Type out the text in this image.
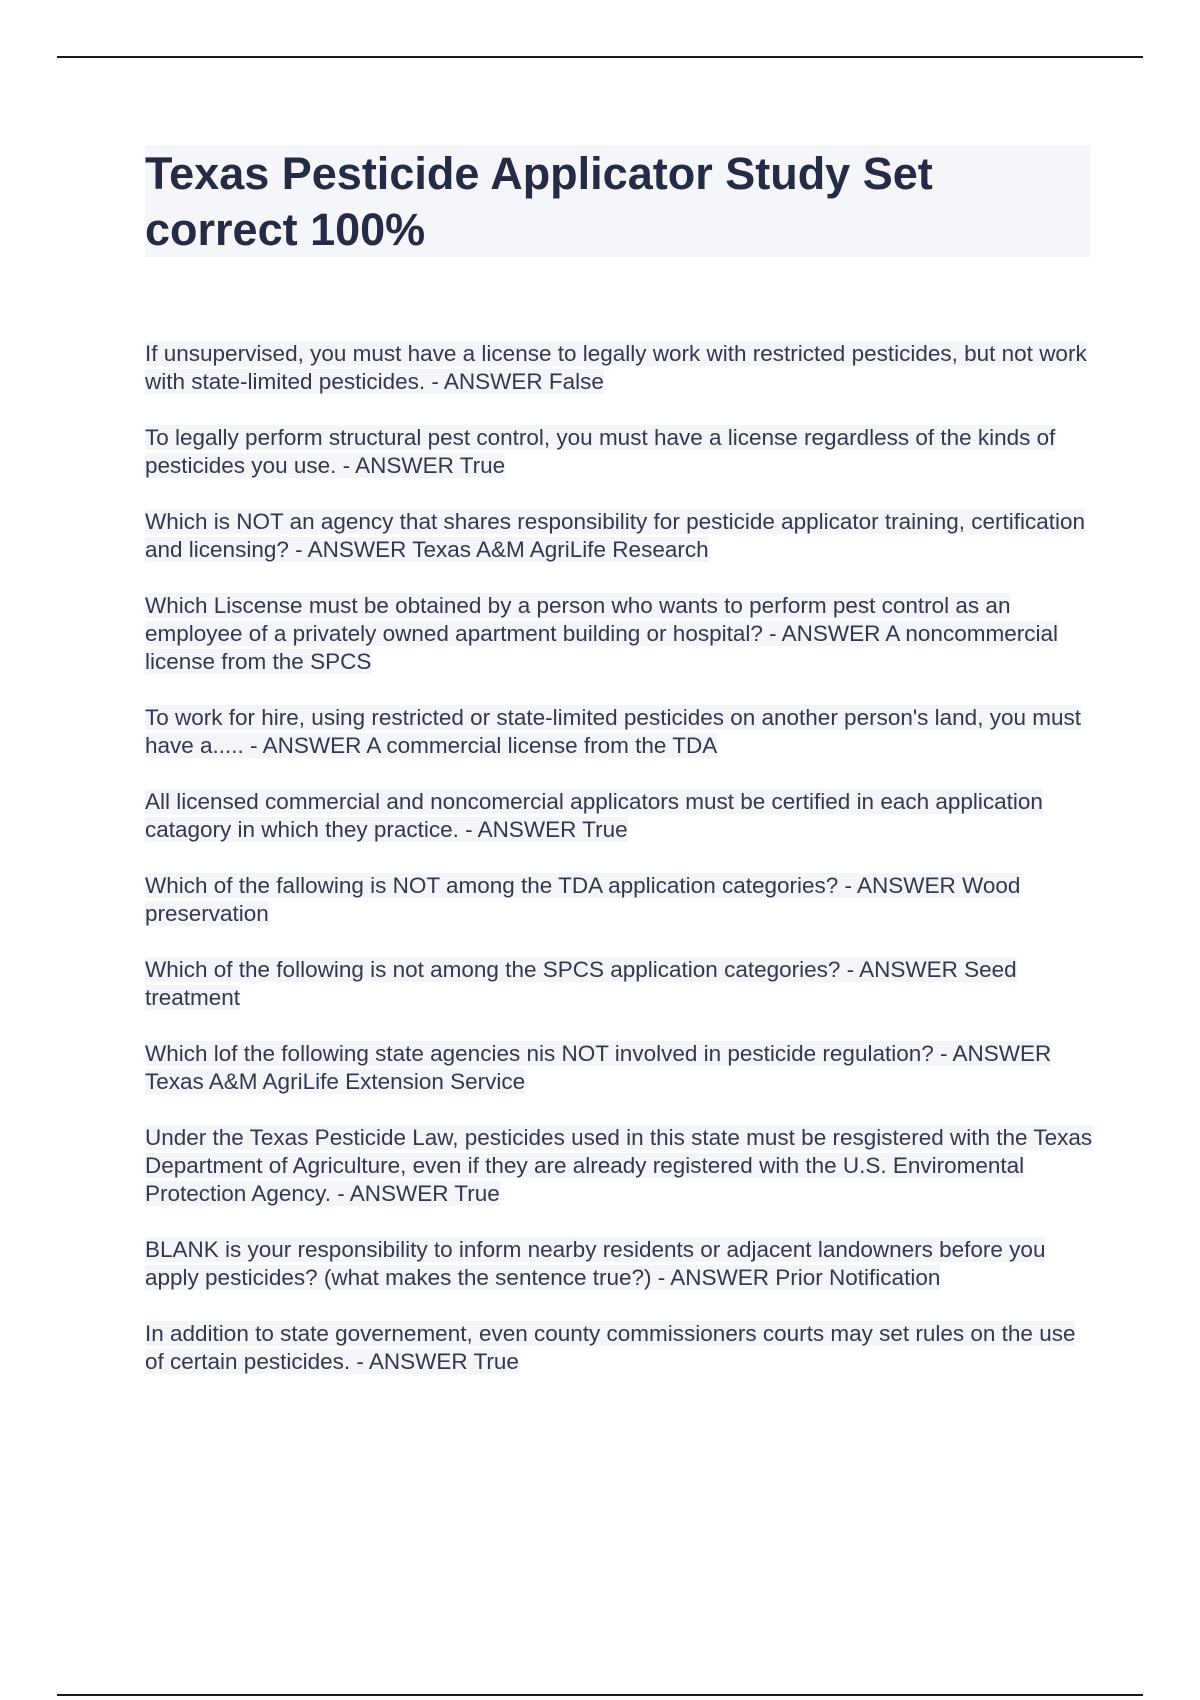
Texas Pesticide Applicator Study Set correct 100%
If unsupervised, you must have a license to legally work with restricted pesticides, but not work with state-limited pesticides. - ANSWER False
To legally perform structural pest control, you must have a license regardless of the kinds of pesticides you use. - ANSWER True
Which is NOT an agency that shares responsibility for pesticide applicator training, certification and licensing? - ANSWER Texas A&M AgriLife Research
Which Liscense must be obtained by a person who wants to perform pest control as an employee of a privately owned apartment building or hospital? - ANSWER A noncommercial license from the SPCS
To work for hire, using restricted or state-limited pesticides on another person's land, you must have a..... - ANSWER A commercial license from the TDA
All licensed commercial and noncomercial applicators must be certified in each application catagory in which they practice. - ANSWER True
Which of the fallowing is NOT among the TDA application categories? - ANSWER Wood preservation
Which of the following is not among the SPCS application categories? - ANSWER Seed treatment
Which lof the following state agencies nis NOT involved in pesticide regulation? - ANSWER Texas A&M AgriLife Extension Service
Under the Texas Pesticide Law, pesticides used in this state must be resgistered with the Texas Department of Agriculture, even if they are already registered with the U.S. Enviromental Protection Agency. - ANSWER True
BLANK is your responsibility to inform nearby residents or adjacent landowners before you apply pesticides? (what makes the sentence true?) - ANSWER Prior Notification
In addition to state governement, even county commissioners courts may set rules on the use of certain pesticides. - ANSWER True
